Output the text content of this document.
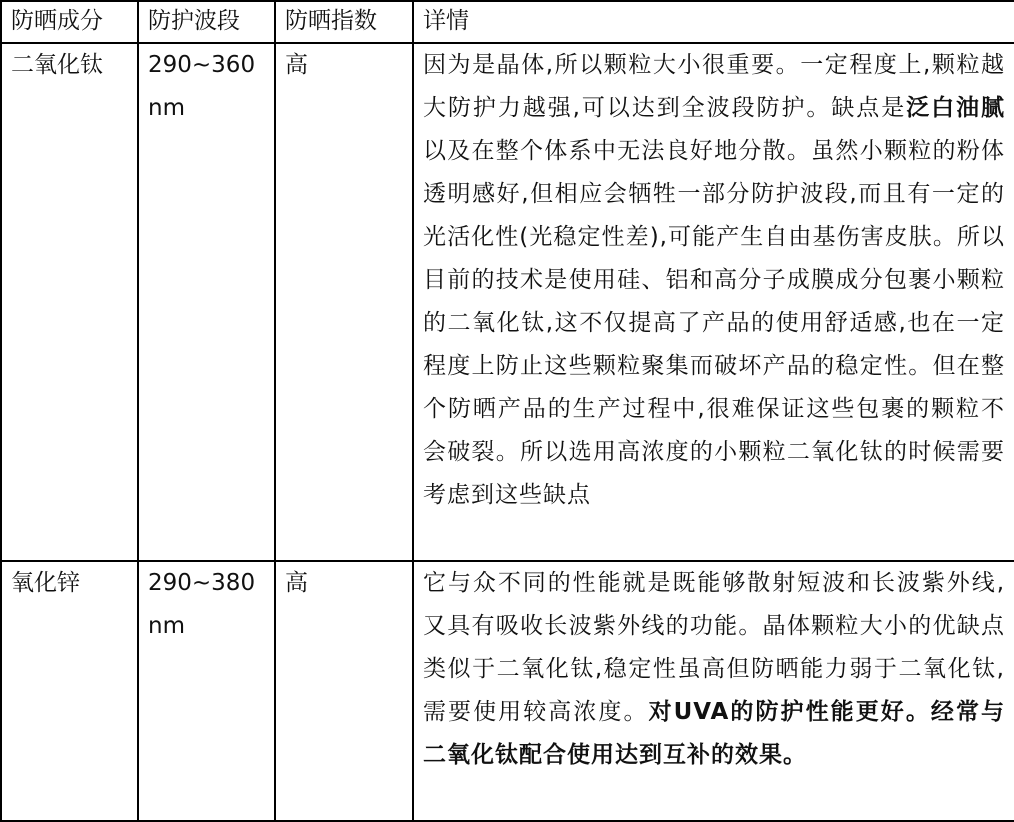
防晒成分	防护波段	防晒指数	详情
二氧化钛	290~360 nm	高	因为是晶体,所以颗粒大小很重要。一定程度上,颗粒越大防护力越强,可以达到全波段防护。缺点是泛白油腻以及在整个体系中无法良好地分散。虽然小颗粒的粉体透明感好,但相应会牺牲一部分防护波段,而且有一定的光活化性(光稳定性差),可能产生自由基伤害皮肤。所以目前的技术是使用硅、铝和高分子成膜成分包裹小颗粒的二氧化钛,这不仅提高了产品的使用舒适感,也在一定程度上防止这些颗粒聚集而破坏产品的稳定性。但在整个防晒产品的生产过程中,很难保证这些包裹的颗粒不会破裂。所以选用高浓度的小颗粒二氧化钛的时候需要考虑到这些缺点
氧化锌	290~380 nm	高	它与众不同的性能就是既能够散射短波和长波紫外线,又具有吸收长波紫外线的功能。晶体颗粒大小的优缺点类似于二氧化钛,稳定性虽高但防晒能力弱于二氧化钛,需要使用较高浓度。对UVA的防护性能更好。经常与二氧化钛配合使用达到互补的效果。
